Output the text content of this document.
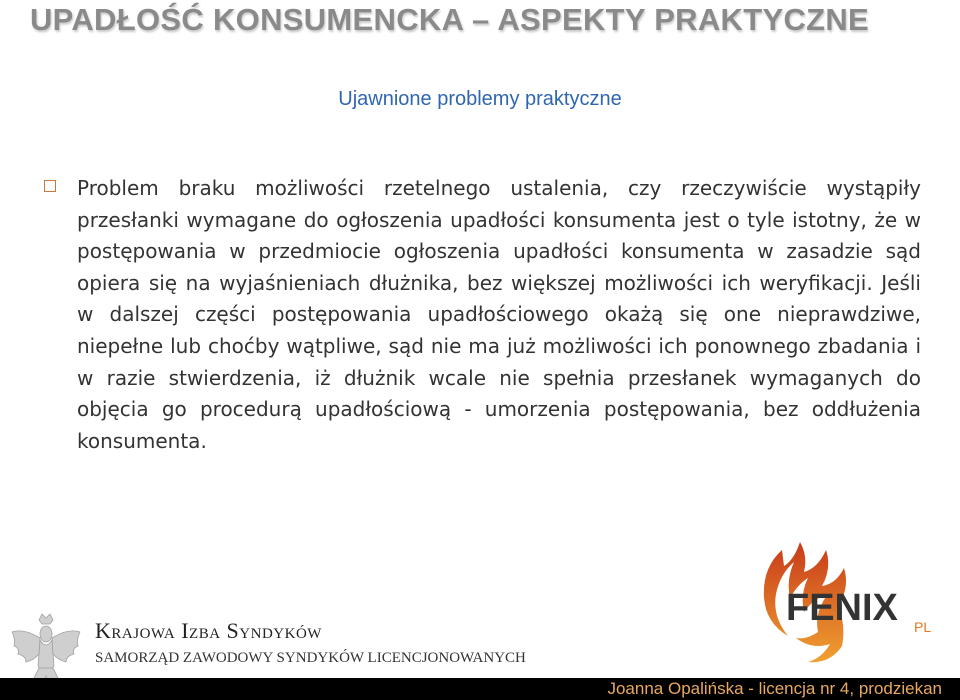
UPADŁOŚĆ KONSUMENCKA – ASPEKTY PRAKTYCZNE
Ujawnione problemy praktyczne
Problem braku możliwości rzetelnego ustalenia, czy rzeczywiście wystąpiły przesłanki wymagane do ogłoszenia upadłości konsumenta jest o tyle istotny, że w postępowania w przedmiocie ogłoszenia upadłości konsumenta w zasadzie sąd opiera się na wyjaśnieniach dłużnika, bez większej możliwości ich weryfikacji. Jeśli w dalszej części postępowania upadłościowego okażą się one nieprawdziwe, niepełne lub choćby wątpliwe, sąd nie ma już możliwości ich ponownego zbadania i w razie stwierdzenia, iż dłużnik wcale nie spełnia przesłanek wymaganych do objęcia go procedurą upadłościową - umorzenia postępowania, bez oddłużenia konsumenta.
Krajowa Izba Syndyków
SAMORZĄD ZAWODOWY SYNDYKÓW LICENCJONOWANYCH
FENIX PL
Joanna Opalińska - licencja nr 4, prodziekan
